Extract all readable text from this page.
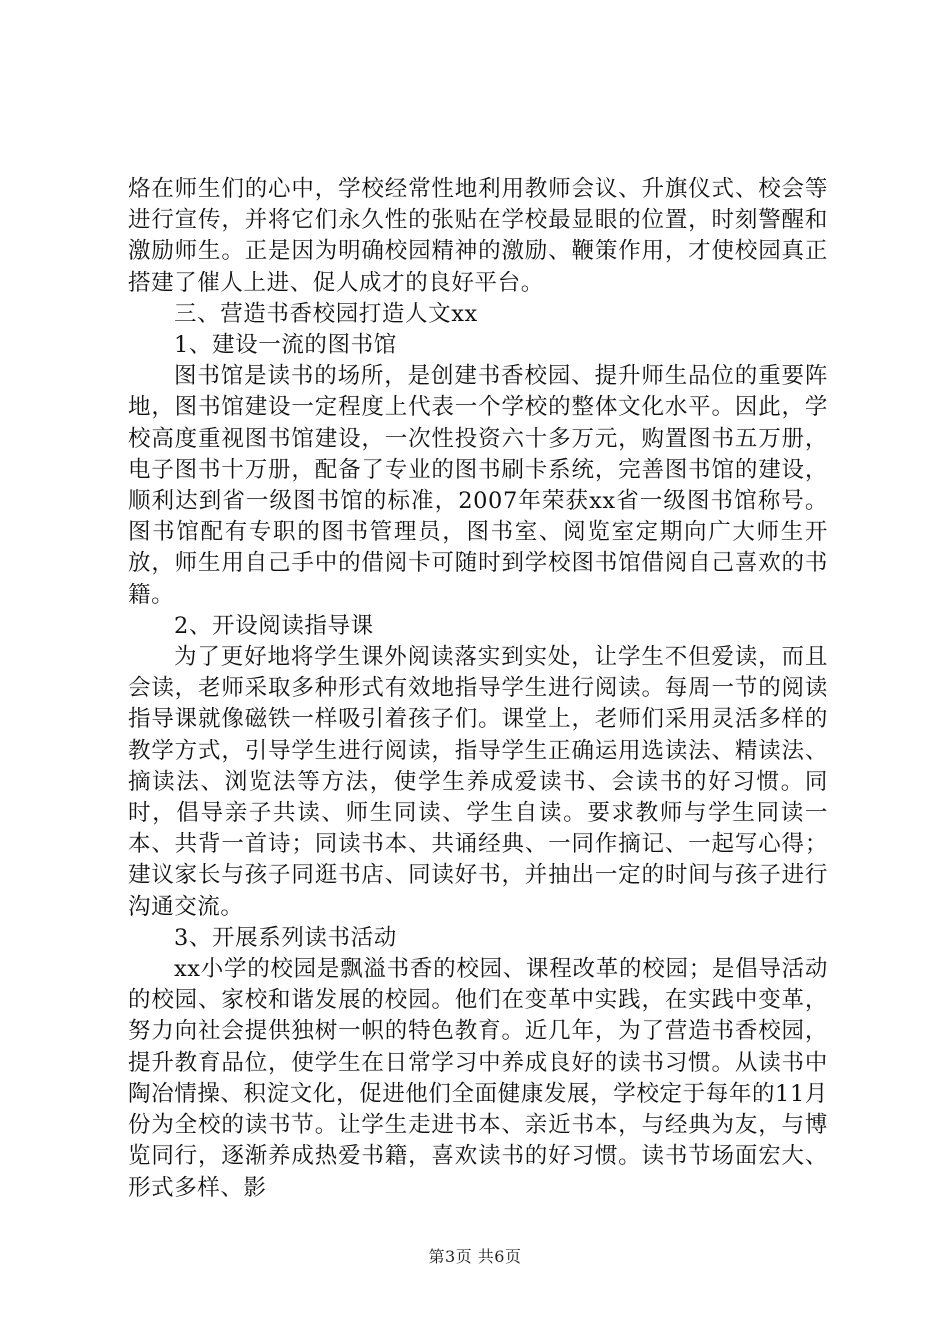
烙在师生们的心中，学校经常性地利用教师会议、升旗仪式、校会等进行宣传，并将它们永久性的张贴在学校最显眼的位置，时刻警醒和激励师生。正是因为明确校园精神的激励、鞭策作用，才使校园真正搭建了催人上进、促人成才的良好平台。

三、营造书香校园打造人文xx

1、建设一流的图书馆

图书馆是读书的场所，是创建书香校园、提升师生品位的重要阵地，图书馆建设一定程度上代表一个学校的整体文化水平。因此，学校高度重视图书馆建设，一次性投资六十多万元，购置图书五万册，电子图书十万册，配备了专业的图书刷卡系统，完善图书馆的建设，顺利达到省一级图书馆的标准，2007年荣获xx省一级图书馆称号。图书馆配有专职的图书管理员，图书室、阅览室定期向广大师生开放，师生用自己手中的借阅卡可随时到学校图书馆借阅自己喜欢的书籍。

2、开设阅读指导课

为了更好地将学生课外阅读落实到实处，让学生不但爱读，而且会读，老师采取多种形式有效地指导学生进行阅读。每周一节的阅读指导课就像磁铁一样吸引着孩子们。课堂上，老师们采用灵活多样的教学方式，引导学生进行阅读，指导学生正确运用选读法、精读法、摘读法、浏览法等方法，使学生养成爱读书、会读书的好习惯。同时，倡导亲子共读、师生同读、学生自读。要求教师与学生同读一本、共背一首诗；同读书本、共诵经典、一同作摘记、一起写心得；建议家长与孩子同逛书店、同读好书，并抽出一定的时间与孩子进行沟通交流。

3、开展系列读书活动

xx小学的校园是飘溢书香的校园、课程改革的校园；是倡导活动的校园、家校和谐发展的校园。他们在变革中实践，在实践中变革，努力向社会提供独树一帜的特色教育。近几年，为了营造书香校园，提升教育品位，使学生在日常学习中养成良好的读书习惯。从读书中陶冶情操、积淀文化，促进他们全面健康发展，学校定于每年的11月份为全校的读书节。让学生走进书本、亲近书本，与经典为友，与博览同行，逐渐养成热爱书籍，喜欢读书的好习惯。读书节场面宏大、形式多样、影

第3页 共6页
